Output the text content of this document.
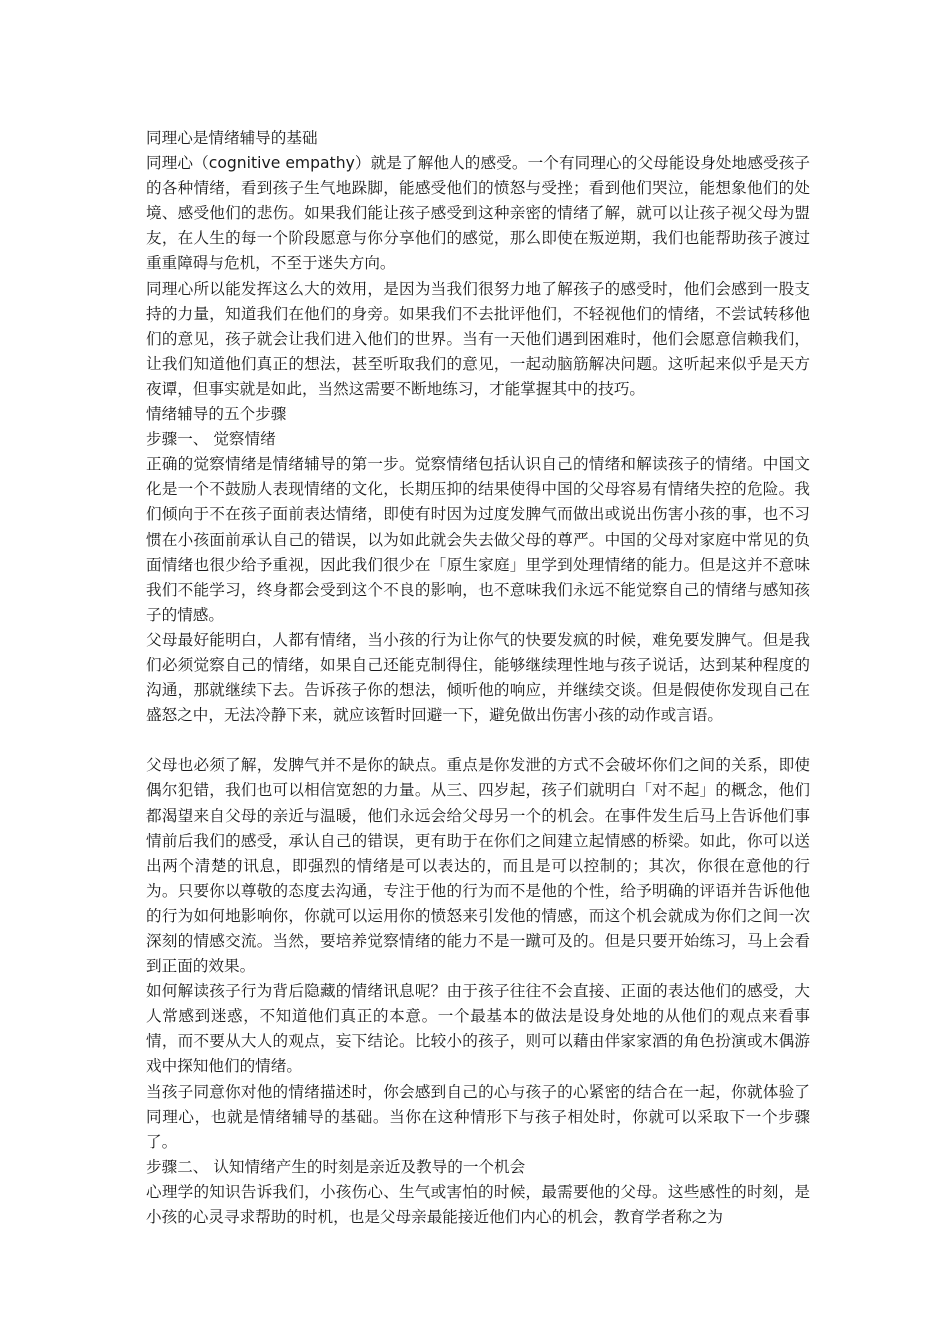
同理心是情绪辅导的基础

同理心（cognitive empathy）就是了解他人的感受。一个有同理心的父母能设身处地感受孩子的各种情绪，看到孩子生气地跺脚，能感受他们的愤怒与受挫；看到他们哭泣，能想象他们的处境、感受他们的悲伤。如果我们能让孩子感受到这种亲密的情绪了解，就可以让孩子视父母为盟友，在人生的每一个阶段愿意与你分享他们的感觉，那么即使在叛逆期，我们也能帮助孩子渡过重重障碍与危机，不至于迷失方向。

同理心所以能发挥这么大的效用，是因为当我们很努力地了解孩子的感受时，他们会感到一股支持的力量，知道我们在他们的身旁。如果我们不去批评他们，不轻视他们的情绪，不尝试转移他们的意见，孩子就会让我们进入他们的世界。当有一天他们遇到困难时，他们会愿意信赖我们，让我们知道他们真正的想法，甚至听取我们的意见，一起动脑筋解决问题。这听起来似乎是天方夜谭，但事实就是如此，当然这需要不断地练习，才能掌握其中的技巧。

情绪辅导的五个步骤

步骤一、 觉察情绪

正确的觉察情绪是情绪辅导的第一步。觉察情绪包括认识自己的情绪和解读孩子的情绪。中国文化是一个不鼓励人表现情绪的文化，长期压抑的结果使得中国的父母容易有情绪失控的危险。我们倾向于不在孩子面前表达情绪，即使有时因为过度发脾气而做出或说出伤害小孩的事，也不习惯在小孩面前承认自己的错误，以为如此就会失去做父母的尊严。中国的父母对家庭中常见的负面情绪也很少给予重视，因此我们很少在「原生家庭」里学到处理情绪的能力。但是这并不意味我们不能学习，终身都会受到这个不良的影响，也不意味我们永远不能觉察自己的情绪与感知孩子的情感。

父母最好能明白，人都有情绪，当小孩的行为让你气的快要发疯的时候，难免要发脾气。但是我们必须觉察自己的情绪，如果自己还能克制得住，能够继续理性地与孩子说话，达到某种程度的沟通，那就继续下去。告诉孩子你的想法，倾听他的响应，并继续交谈。但是假使你发现自己在盛怒之中，无法冷静下来，就应该暂时回避一下，避免做出伤害小孩的动作或言语。

父母也必须了解，发脾气并不是你的缺点。重点是你发泄的方式不会破坏你们之间的关系，即使偶尔犯错，我们也可以相信宽恕的力量。从三、四岁起，孩子们就明白「对不起」的概念，他们都渴望来自父母的亲近与温暖，他们永远会给父母另一个的机会。在事件发生后马上告诉他们事情前后我们的感受，承认自己的错误，更有助于在你们之间建立起情感的桥梁。如此，你可以送出两个清楚的讯息，即强烈的情绪是可以表达的，而且是可以控制的；其次，你很在意他的行为。只要你以尊敬的态度去沟通，专注于他的行为而不是他的个性，给予明确的评语并告诉他他的行为如何地影响你，你就可以运用你的愤怒来引发他的情感，而这个机会就成为你们之间一次深刻的情感交流。当然，要培养觉察情绪的能力不是一蹴可及的。但是只要开始练习，马上会看到正面的效果。

如何解读孩子行为背后隐藏的情绪讯息呢？由于孩子往往不会直接、正面的表达他们的感受，大人常感到迷惑，不知道他们真正的本意。一个最基本的做法是设身处地的从他们的观点来看事情，而不要从大人的观点，妄下结论。比较小的孩子，则可以藉由伴家家酒的角色扮演或木偶游戏中探知他们的情绪。

当孩子同意你对他的情绪描述时，你会感到自己的心与孩子的心紧密的结合在一起，你就体验了同理心，也就是情绪辅导的基础。当你在这种情形下与孩子相处时，你就可以采取下一个步骤了。

步骤二、 认知情绪产生的时刻是亲近及教导的一个机会

心理学的知识告诉我们，小孩伤心、生气或害怕的时候，最需要他的父母。这些感性的时刻，是小孩的心灵寻求帮助的时机，也是父母亲最能接近他们内心的机会，教育学者称之为
